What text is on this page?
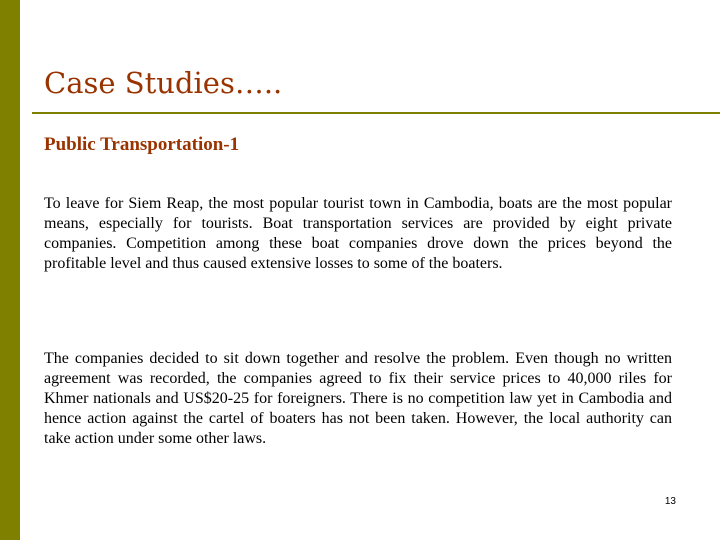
Case Studies…..
Public Transportation-1

To leave for Siem Reap, the most popular tourist town in Cambodia, boats are the most popular means, especially for tourists. Boat transportation services are provided by eight private companies. Competition among these boat companies drove down the prices beyond the profitable level and thus caused extensive losses to some of the boaters.

The companies decided to sit down together and resolve the problem. Even though no written agreement was recorded, the companies agreed to fix their service prices to 40,000 riles for Khmer nationals and US$20-25 for foreigners. There is no competition law yet in Cambodia and hence action against the cartel of boaters has not been taken. However, the local authority can take action under some other laws.

13
